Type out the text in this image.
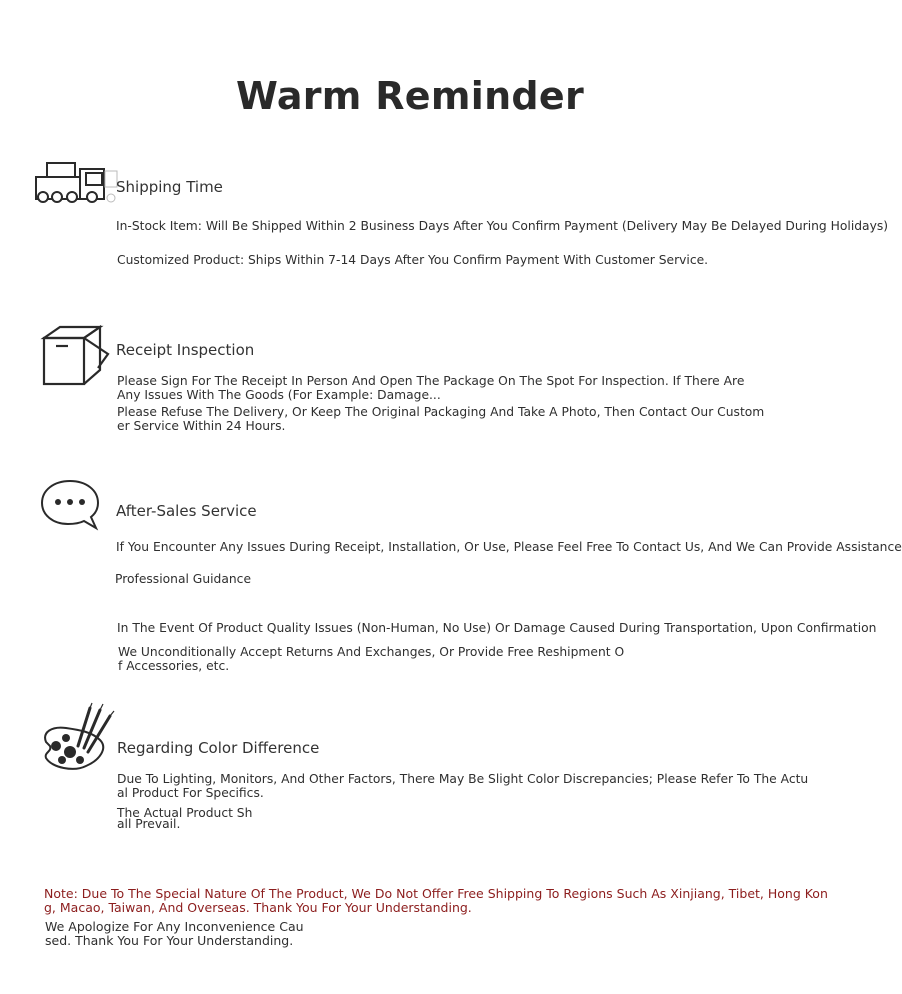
Warm Reminder
Shipping Time
In-Stock Item: Will Be Shipped Within 2 Business Days After You Confirm Payment (Delivery May Be Delayed During Holidays)
Customized Product: Ships Within 7-14 Days After You Confirm Payment With Customer Service.
Receipt Inspection
Please Sign For The Receipt In Person And Open The Package On The Spot For Inspection. If There Are Any Issues With The Goods (For Example: Damage...
Please Refuse The Delivery, Or Keep The Original Packaging And Take A Photo, Then Contact Our Custom
er Service Within 24 Hours.
After-Sales Service
If You Encounter Any Issues During Receipt, Installation, Or Use, Please Feel Free To Contact Us, And We Can Provide Assistance
Professional Guidance
In The Event Of Product Quality Issues (Non-Human, No Use) Or Damage Caused During Transportation, Upon Confirmation
We Unconditionally Accept Returns And Exchanges, Or Provide Free Reshipment O
f Accessories, etc.
Regarding Color Difference
Due To Lighting, Monitors, And Other Factors, There May Be Slight Color Discrepancies; Please Refer To The Actu
al Product For Specifics.
The Actual Product Sh
all Prevail.
Note: Due To The Special Nature Of The Product, We Do Not Offer Free Shipping To Regions Such As Xinjiang, Tibet, Hong Kon
g, Macao, Taiwan, And Overseas. Thank You For Your Understanding.
We Apologize For Any Inconvenience Cau
sed. Thank You For Your Understanding.
